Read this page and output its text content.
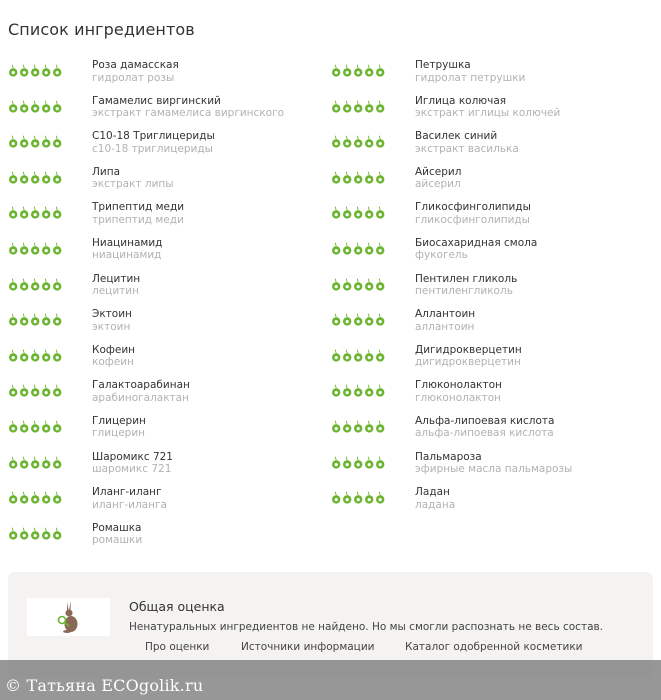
Список ингредиентов
Роза дамасская
гидролат розы
Гамамелис виргинский
экстракт гамамелиса виргинского
C10-18 Триглицериды
c10-18 триглицериды
Липа
экстракт липы
Трипептид меди
трипептид меди
Ниацинамид
ниацинамид
Лецитин
лецитин
Эктоин
эктоин
Кофеин
кофеин
Галактоарабинан
арабиногалактан
Глицерин
глицерин
Шаромикс 721
шаромикс 721
Иланг-иланг
иланг-иланга
Ромашка
ромашки
Петрушка
гидролат петрушки
Иглица колючая
экстракт иглицы колючей
Василек синий
экстракт василька
Айсерил
айсерил
Гликосфинголипиды
гликосфинголипиды
Биосахаридная смола
фукогель
Пентилен гликоль
пентиленгликоль
Аллантоин
аллантоин
Дигидрокверцетин
дигидрокверцетин
Глюконолактон
глюконолактон
Альфа-липоевая кислота
альфа-липоевая кислота
Пальмароза
эфирные масла пальмарозы
Ладан
ладана
Общая оценка
Ненатуральных ингредиентов не найдено. Но мы смогли распознать не весь состав.
Про оценки	Источники информации	Каталог одобренной косметики
© Татьяна ECOgolik.ru
